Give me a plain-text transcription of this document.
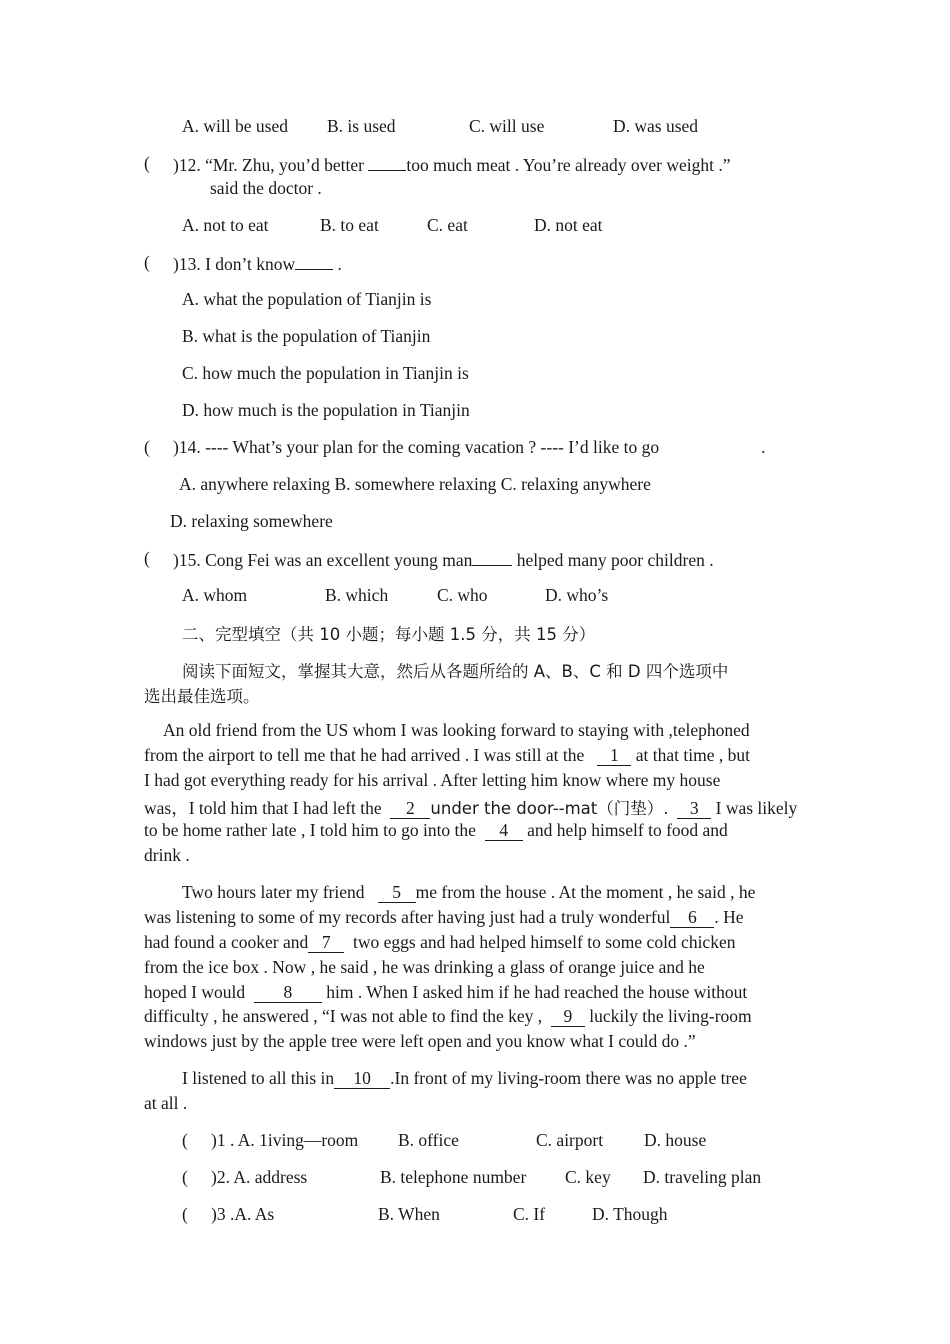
A. will be used B. is used	C. will use	D. was used
( )12. “Mr. Zhu, you’d better too much meat . You’re already over weight .”
said the doctor .
A. not to eat	B. to eat	C. eat	D. not eat
( )13. I don’t know .
A. what the population of Tianjin is
B. what is the population of Tianjin
C. how much the population in Tianjin is
D. how much is the population in Tianjin
( )14. ---- What’s your plan for the coming vacation ? ---- I’d like to go	.
A. anywhere relaxing B. somewhere relaxing C. relaxing anywhere
D. relaxing somewhere
( )15. Cong Fei was an excellent young man	helped many poor children .
A. whom	B. which	C. who	D. who’s
二、完型填空（共 10 小题；每小题 1.5 分，共 15 分）
阅读下面短文，掌握其大意，然后从各题所给的 A、B、C 和 D 四个选项中
选出最佳选项。
An old friend from the US whom I was looking forward to staying with ,telephoned
from the airport to tell me that he had arrived . I was still at the 1 at that time , but
I had got everything ready for his arrival . After letting him know where my house
was，I told him that I had left the 2 under the door--mat（门垫）. 3 I was likely
to be home rather late , I told him to go into the 4 and help himself to food and
drink .
Two hours later my friend 5 me from the house . At the moment , he said , he
was listening to some of my records after having just had a truly wonderful 6 . He
had found a cooker and 7 two eggs and had helped himself to some cold chicken
from the ice box . Now , he said , he was drinking a glass of orange juice and he
hoped I would 8 him . When I asked him if he had reached the house without
difficulty , he answered , “I was not able to find the key , 9 luckily the living-room
windows just by the apple tree were left open and you know what I could do .”
I listened to all this in 10 .In front of my living-room there was no apple tree
at all .
( )1 . A. 1iving—room B. office	C. airport D. house
( )2. A. address	B. telephone number C. key D. traveling plan
( )3 .A. As	B. When	C. If	D. Though
